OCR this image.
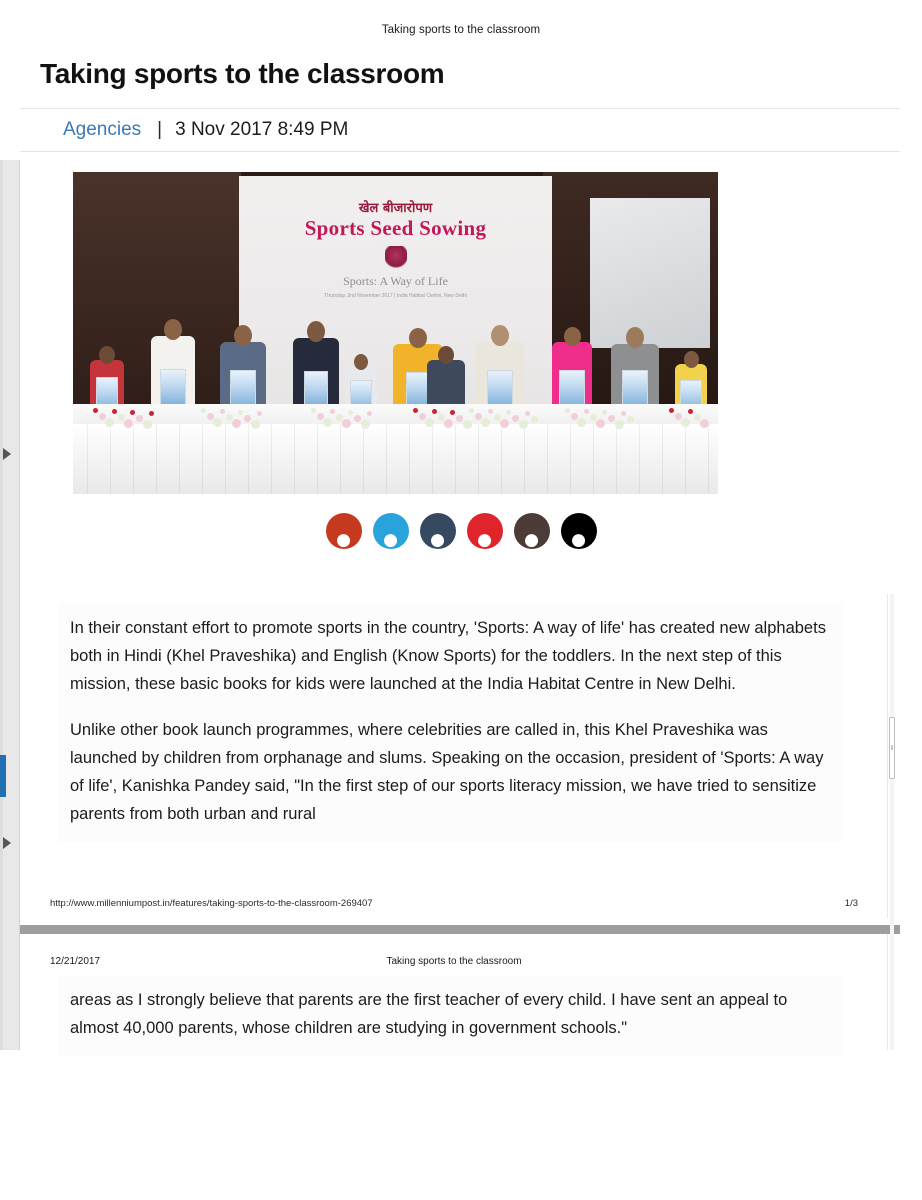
Taking sports to the classroom
Taking sports to the classroom
Agencies | 3 Nov 2017 8:49 PM
खेल बीजारोपण
Sports Seed Sowing
Sports: A Way of Life
Thursday, 2nd November 2017 | India Habitat Centre, New Delhi
● ● ● ● ● ●

In their constant effort to promote sports in the country, 'Sports: A way of life' has created new alphabets both in Hindi (Khel Praveshika) and English (Know Sports) for the toddlers. In the next step of this mission, these basic books for kids were launched at the India Habitat Centre in New Delhi.

Unlike other book launch programmes, where celebrities are called in, this Khel Praveshika was launched by children from orphanage and slums. Speaking on the occasion, president of 'Sports: A way of life', Kanishka Pandey said, "In the first step of our sports literacy mission, we have tried to sensitize parents from both urban and rural

http://www.millenniumpost.in/features/taking-sports-to-the-classroom-269407	1/3
12/21/2017	Taking sports to the classroom

areas as I strongly believe that parents are the first teacher of every child. I have sent an appeal to almost 40,000 parents, whose children are studying in government schools."
